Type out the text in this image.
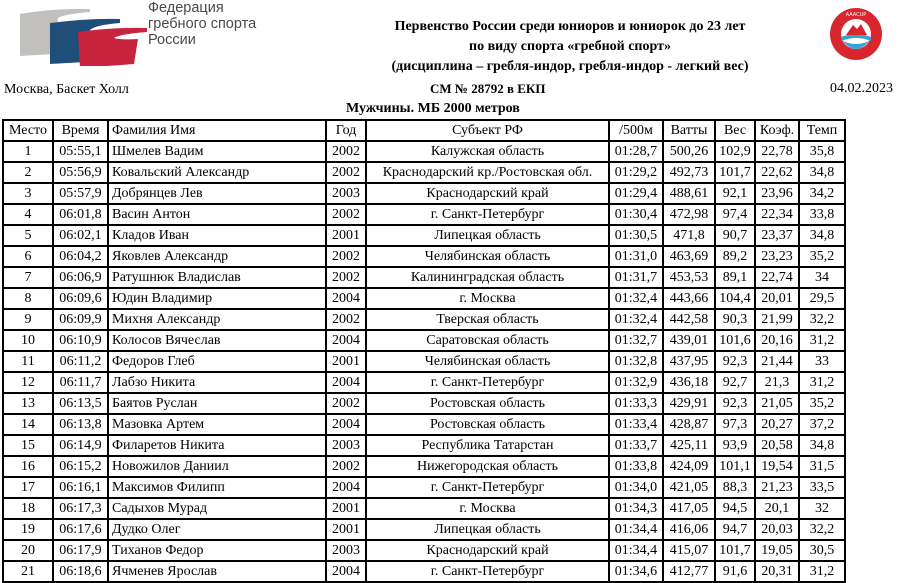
Федерация
гребного спорта
России
Первенство России среди юниоров и юниорок до 23 лет
по виду спорта «гребной спорт»
(дисциплина – гребля-индор, гребля-индор - легкий вес)
СМ № 28792 в ЕКП
Москва, Баскет Холл	04.02.2023
AAACUP
Мужчины. МБ 2000 метров
Место	Время	Фамилия Имя	Год	Субъект РФ	/500м	Ватты	Вес	Коэф.	Темп
1	05:55,1	Шмелев Вадим	2002	Калужская область	01:28,7	500,26	102,9	22,78	35,8
2	05:56,9	Ковальский Александр	2002	Краснодарский кр./Ростовская обл.	01:29,2	492,73	101,7	22,62	34,8
3	05:57,9	Добрянцев Лев	2003	Краснодарский край	01:29,4	488,61	92,1	23,96	34,2
4	06:01,8	Васин Антон	2002	г. Санкт-Петербург	01:30,4	472,98	97,4	22,34	33,8
5	06:02,1	Кладов Иван	2001	Липецкая область	01:30,5	471,8	90,7	23,37	34,8
6	06:04,2	Яковлев Александр	2002	Челябинская область	01:31,0	463,69	89,2	23,23	35,2
7	06:06,9	Ратушнюк Владислав	2002	Калининградская область	01:31,7	453,53	89,1	22,74	34
8	06:09,6	Юдин Владимир	2004	г. Москва	01:32,4	443,66	104,4	20,01	29,5
9	06:09,9	Михня Александр	2002	Тверская область	01:32,4	442,58	90,3	21,99	32,2
10	06:10,9	Колосов Вячеслав	2004	Саратовская область	01:32,7	439,01	101,6	20,16	31,2
11	06:11,2	Федоров Глеб	2001	Челябинская область	01:32,8	437,95	92,3	21,44	33
12	06:11,7	Лабзо Никита	2004	г. Санкт-Петербург	01:32,9	436,18	92,7	21,3	31,2
13	06:13,5	Баятов Руслан	2002	Ростовская область	01:33,3	429,91	92,3	21,05	35,2
14	06:13,8	Мазовка Артем	2004	Ростовская область	01:33,4	428,87	97,3	20,27	37,2
15	06:14,9	Филаретов Никита	2003	Республика Татарстан	01:33,7	425,11	93,9	20,58	34,8
16	06:15,2	Новожилов Даниил	2002	Нижегородская область	01:33,8	424,09	101,1	19,54	31,5
17	06:16,1	Максимов Филипп	2004	г. Санкт-Петербург	01:34,0	421,05	88,3	21,23	33,5
18	06:17,3	Садыхов Мурад	2001	г. Москва	01:34,3	417,05	94,5	20,1	32
19	06:17,6	Дудко Олег	2001	Липецкая область	01:34,4	416,06	94,7	20,03	32,2
20	06:17,9	Тиханов Федор	2003	Краснодарский край	01:34,4	415,07	101,7	19,05	30,5
21	06:18,6	Ячменев Ярослав	2004	г. Санкт-Петербург	01:34,6	412,77	91,6	20,31	31,2
